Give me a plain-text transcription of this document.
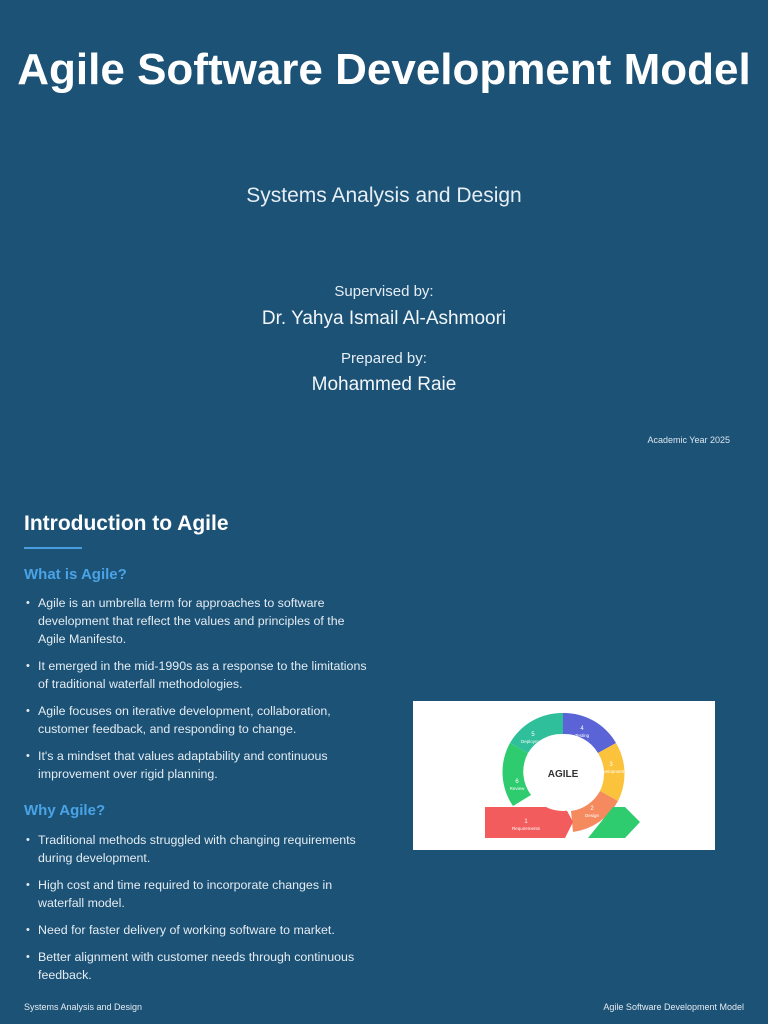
Agile Software Development Model

Systems Analysis and Design

Supervised by:
Dr. Yahya Ismail Al-Ashmoori
Prepared by:
Mohammed Raie
Academic Year 2025
Introduction to Agile
What is Agile?
• Agile is an umbrella term for approaches to software development that reflect the values and principles of the Agile Manifesto.
• It emerged in the mid-1990s as a response to the limitations of traditional waterfall methodologies.
• Agile focuses on iterative development, collaboration, customer feedback, and responding to change.
• It's a mindset that values adaptability and continuous improvement over rigid planning.
Why Agile?
• Traditional methods struggled with changing requirements during development.
• High cost and time required to incorporate changes in waterfall model.
• Need for faster delivery of working software to market.
• Better alignment with customer needs through continuous feedback.
AGILE
4
Testing
3
Development
2
Design
5
Deployment
6
Review
1
Requirements
Systems Analysis and Design	Agile Software Development Model
